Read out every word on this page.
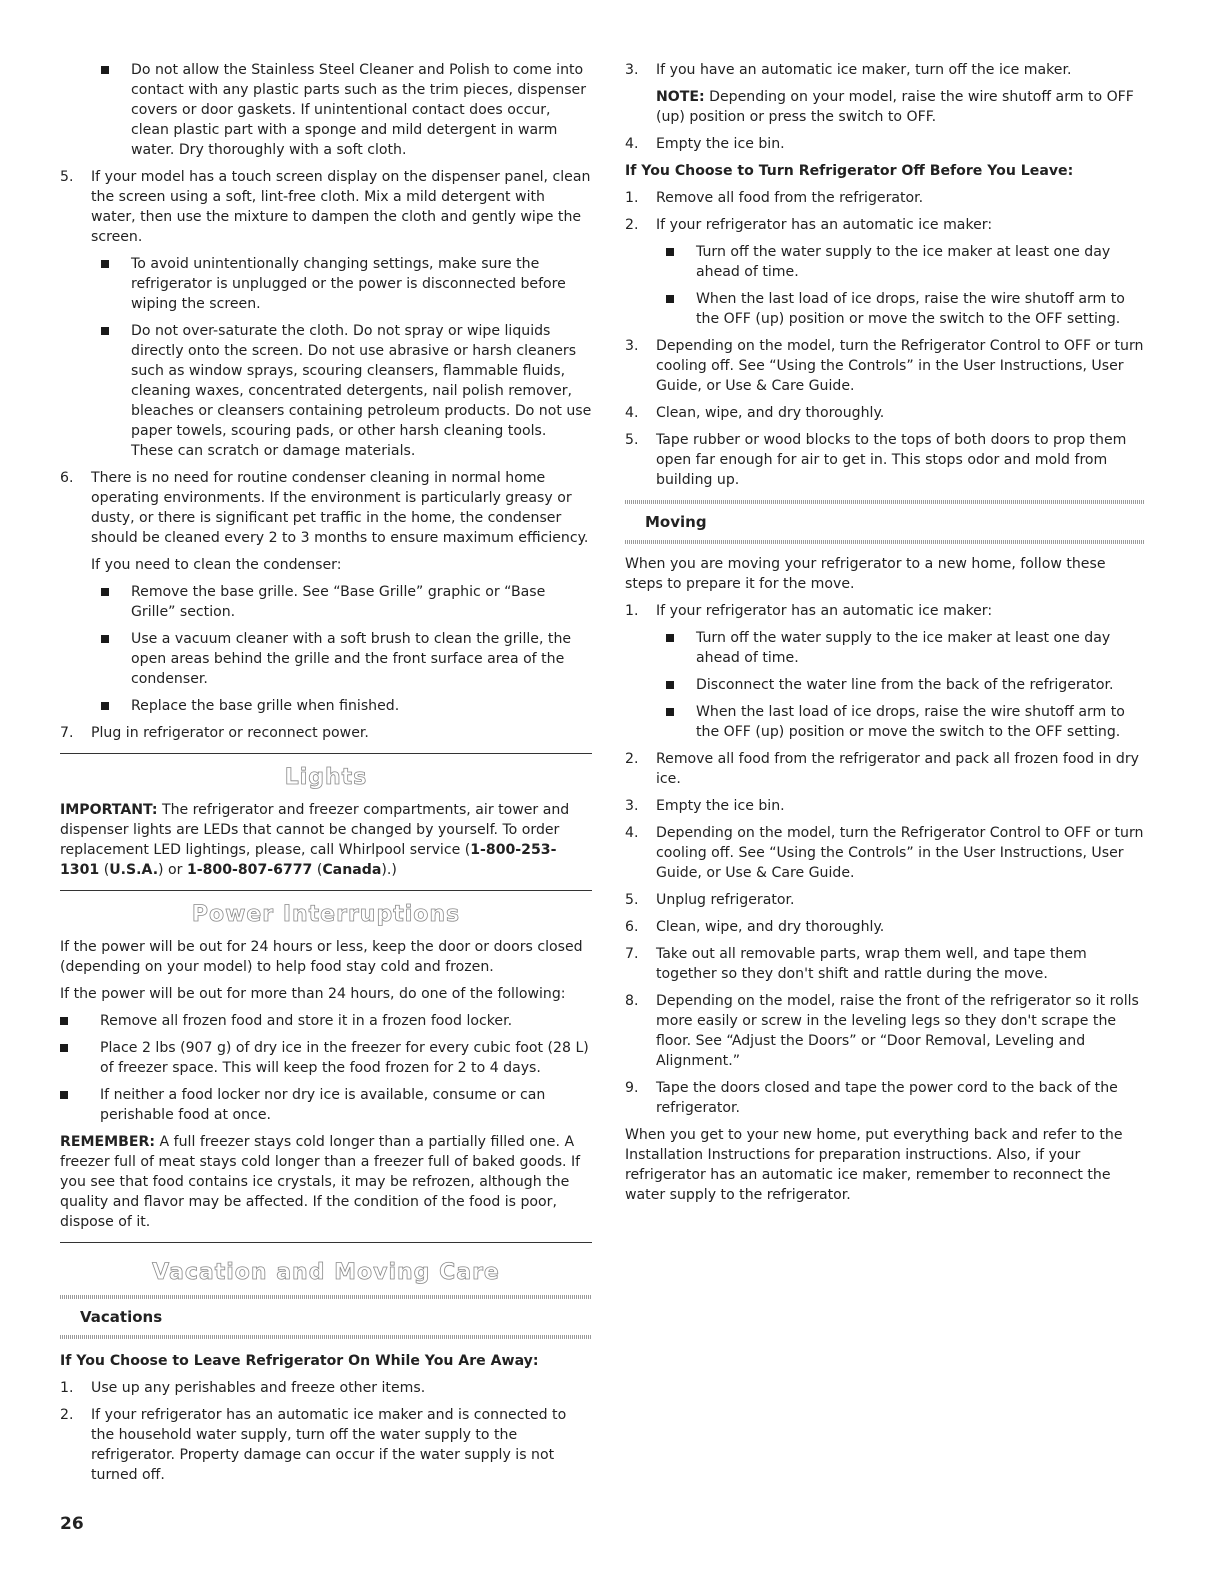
Do not allow the Stainless Steel Cleaner and Polish to come into contact with any plastic parts such as the trim pieces, dispenser covers or door gaskets. If unintentional contact does occur, clean plastic part with a sponge and mild detergent in warm water. Dry thoroughly with a soft cloth.
5. If your model has a touch screen display on the dispenser panel, clean the screen using a soft, lint-free cloth. Mix a mild detergent with water, then use the mixture to dampen the cloth and gently wipe the screen.

To avoid unintentionally changing settings, make sure the refrigerator is unplugged or the power is disconnected before wiping the screen.
Do not over-saturate the cloth. Do not spray or wipe liquids directly onto the screen. Do not use abrasive or harsh cleaners such as window sprays, scouring cleansers, flammable fluids, cleaning waxes, concentrated detergents, nail polish remover, bleaches or cleansers containing petroleum products. Do not use paper towels, scouring pads, or other harsh cleaning tools. These can scratch or damage materials.
6. There is no need for routine condenser cleaning in normal home operating environments. If the environment is particularly greasy or dusty, or there is significant pet traffic in the home, the condenser should be cleaned every 2 to 3 months to ensure maximum efficiency.

If you need to clean the condenser:

Remove the base grille. See “Base Grille” graphic or “Base Grille” section.
Use a vacuum cleaner with a soft brush to clean the grille, the open areas behind the grille and the front surface area of the condenser.
Replace the base grille when finished.
7. Plug in refrigerator or reconnect power.

Lights

IMPORTANT: The refrigerator and freezer compartments, air tower and dispenser lights are LEDs that cannot be changed by yourself. To order replacement LED lightings, please, call Whirlpool service (1-800-253-1301 (U.S.A.) or 1-800-807-6777 (Canada).)

Power Interruptions

If the power will be out for 24 hours or less, keep the door or doors closed (depending on your model) to help food stay cold and frozen.

If the power will be out for more than 24 hours, do one of the following:

Remove all frozen food and store it in a frozen food locker.
Place 2 lbs (907 g) of dry ice in the freezer for every cubic foot (28 L) of freezer space. This will keep the food frozen for 2 to 4 days.
If neither a food locker nor dry ice is available, consume or can perishable food at once.

REMEMBER: A full freezer stays cold longer than a partially filled one. A freezer full of meat stays cold longer than a freezer full of baked goods. If you see that food contains ice crystals, it may be refrozen, although the quality and flavor may be affected. If the condition of the food is poor, dispose of it.

Vacation and Moving Care
Vacations

If You Choose to Leave Refrigerator On While You Are Away:

1. Use up any perishables and freeze other items.

2. If your refrigerator has an automatic ice maker and is connected to the household water supply, turn off the water supply to the refrigerator. Property damage can occur if the water supply is not turned off.

3. If you have an automatic ice maker, turn off the ice maker.

NOTE: Depending on your model, raise the wire shutoff arm to OFF (up) position or press the switch to OFF.

4. Empty the ice bin.

If You Choose to Turn Refrigerator Off Before You Leave:

1. Remove all food from the refrigerator.

2. If your refrigerator has an automatic ice maker:

Turn off the water supply to the ice maker at least one day ahead of time.
When the last load of ice drops, raise the wire shutoff arm to the OFF (up) position or move the switch to the OFF setting.
3. Depending on the model, turn the Refrigerator Control to OFF or turn cooling off. See “Using the Controls” in the User Instructions, User Guide, or Use & Care Guide.

4. Clean, wipe, and dry thoroughly.

5. Tape rubber or wood blocks to the tops of both doors to prop them open far enough for air to get in. This stops odor and mold from building up.

Moving

When you are moving your refrigerator to a new home, follow these steps to prepare it for the move.

1. If your refrigerator has an automatic ice maker:

Turn off the water supply to the ice maker at least one day ahead of time.
Disconnect the water line from the back of the refrigerator.
When the last load of ice drops, raise the wire shutoff arm to the OFF (up) position or move the switch to the OFF setting.
2. Remove all food from the refrigerator and pack all frozen food in dry ice.

3. Empty the ice bin.

4. Depending on the model, turn the Refrigerator Control to OFF or turn cooling off. See “Using the Controls” in the User Instructions, User Guide, or Use & Care Guide.

5. Unplug refrigerator.

6. Clean, wipe, and dry thoroughly.

7. Take out all removable parts, wrap them well, and tape them together so they don't shift and rattle during the move.

8. Depending on the model, raise the front of the refrigerator so it rolls more easily or screw in the leveling legs so they don't scrape the floor. See “Adjust the Doors” or “Door Removal, Leveling and Alignment.”

9. Tape the doors closed and tape the power cord to the back of the refrigerator.

When you get to your new home, put everything back and refer to the Installation Instructions for preparation instructions. Also, if your refrigerator has an automatic ice maker, remember to reconnect the water supply to the refrigerator.

26
